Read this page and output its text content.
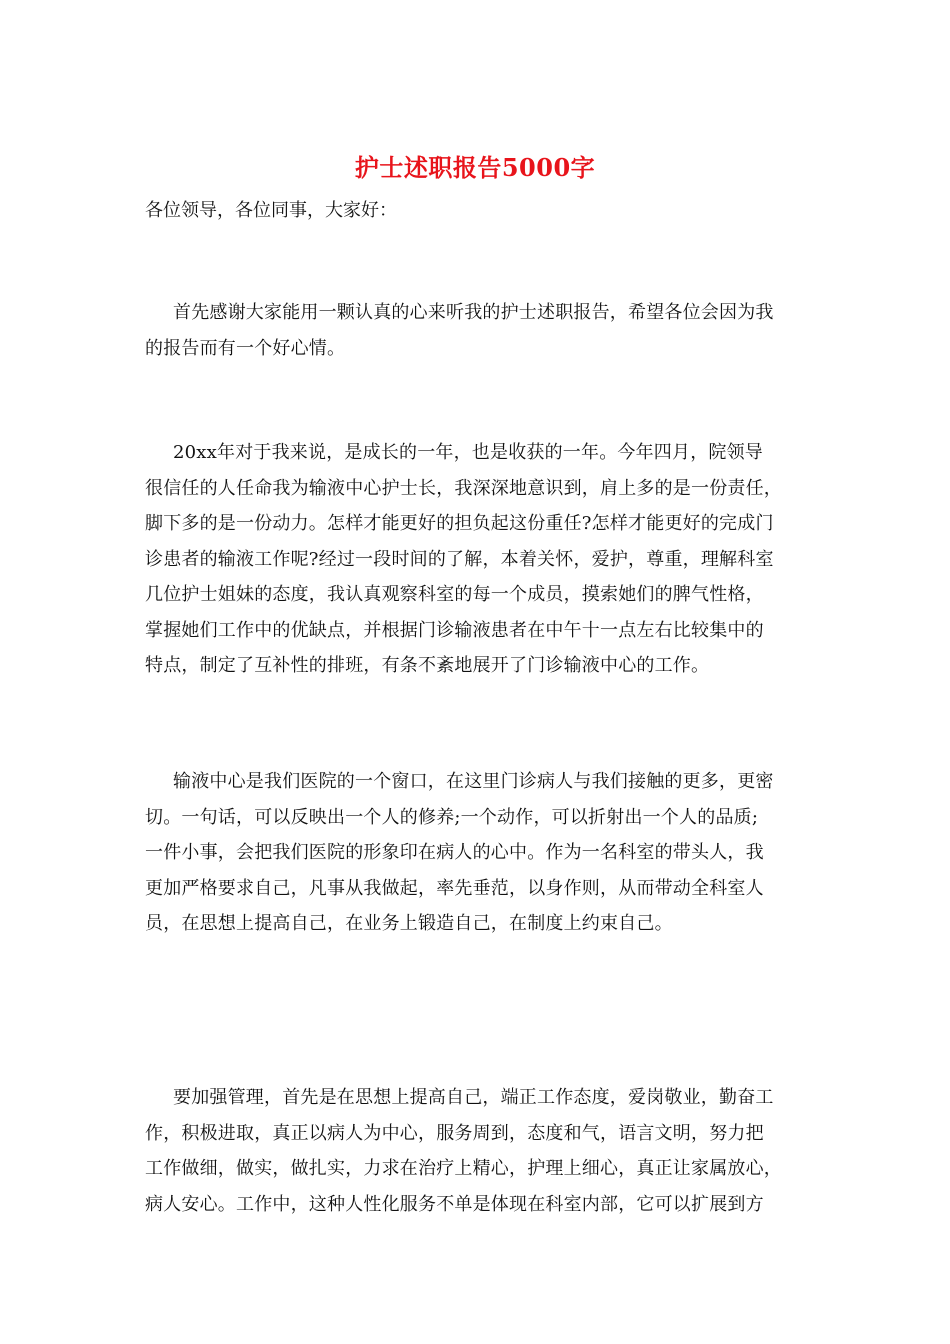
护士述职报告5000字
各位领导，各位同事，大家好：
首先感谢大家能用一颗认真的心来听我的护士述职报告，希望各位会因为我
的报告而有一个好心情。
20xx年对于我来说，是成长的一年，也是收获的一年。今年四月，院领导
很信任的人任命我为输液中心护士长，我深深地意识到，肩上多的是一份责任，
脚下多的是一份动力。怎样才能更好的担负起这份重任?怎样才能更好的完成门
诊患者的输液工作呢?经过一段时间的了解，本着关怀，爱护，尊重，理解科室
几位护士姐妹的态度，我认真观察科室的每一个成员，摸索她们的脾气性格，
掌握她们工作中的优缺点，并根据门诊输液患者在中午十一点左右比较集中的
特点，制定了互补性的排班，有条不紊地展开了门诊输液中心的工作。
输液中心是我们医院的一个窗口，在这里门诊病人与我们接触的更多，更密
切。一句话，可以反映出一个人的修养;一个动作，可以折射出一个人的品质;
一件小事，会把我们医院的形象印在病人的心中。作为一名科室的带头人，我
更加严格要求自己，凡事从我做起，率先垂范，以身作则，从而带动全科室人
员，在思想上提高自己，在业务上锻造自己，在制度上约束自己。
要加强管理，首先是在思想上提高自己，端正工作态度，爱岗敬业，勤奋工
作，积极进取，真正以病人为中心，服务周到，态度和气，语言文明，努力把
工作做细，做实，做扎实，力求在治疗上精心，护理上细心，真正让家属放心，
病人安心。工作中，这种人性化服务不单是体现在科室内部，它可以扩展到方
